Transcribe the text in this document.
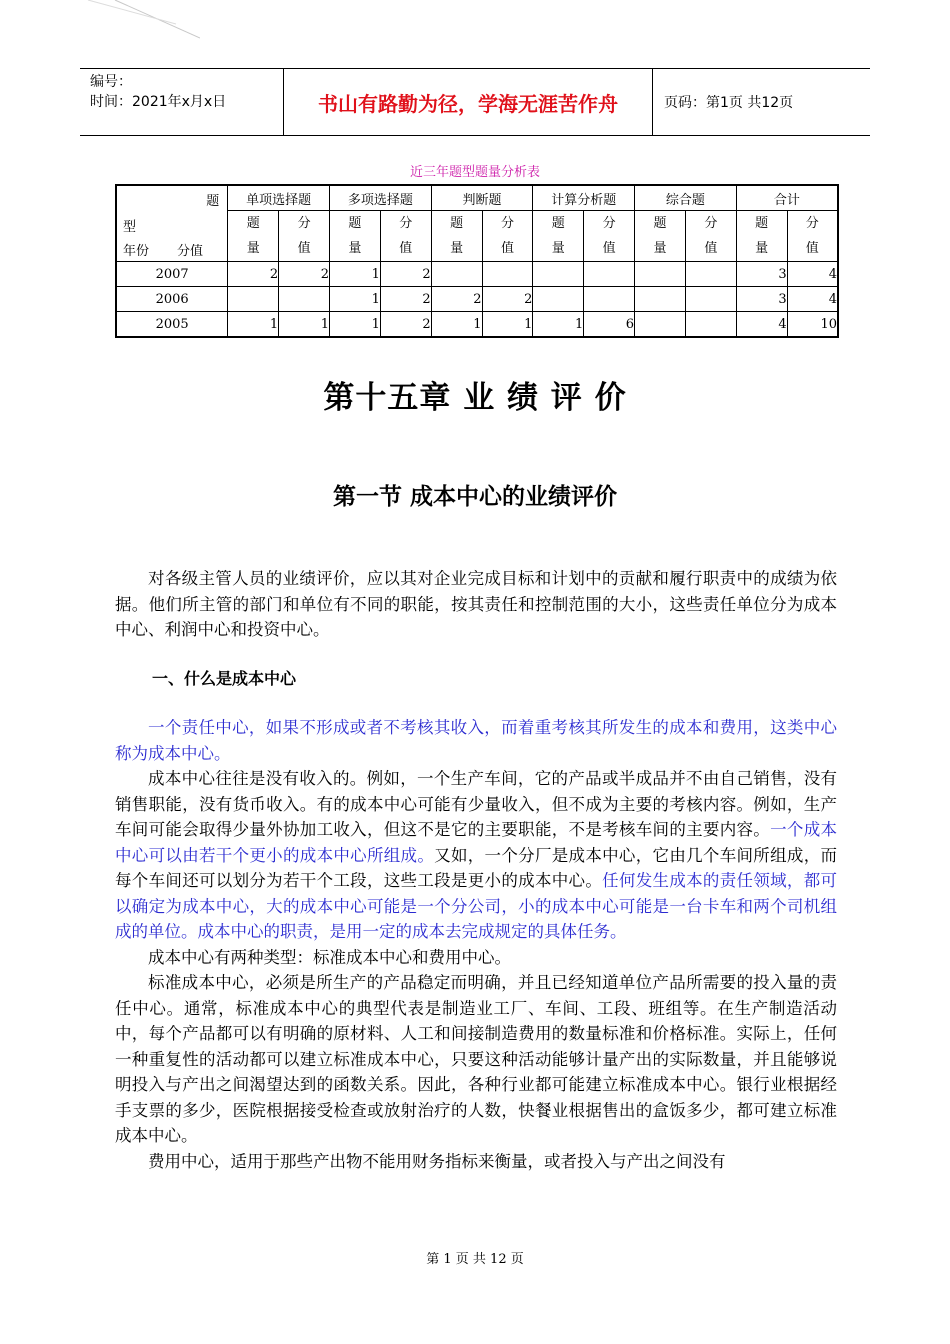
编号：
时间：2021年x月x日	书山有路勤为径，学海无涯苦作舟	页码：第1页 共12页
近三年题型题量分析表
题
型
年份 分值	单项选择题		多项选择题		判断题		计算分析题		综合题		合计	
	题量	分值	题量	分值	题量	分值	题量	分值	题量	分值	题量	分值
2007	2	2	1	2							3	4
2006			1	2	2	2					3	4
2005	1	1	1	2	1	1	1	6			4	10
第十五章 业 绩 评 价
第一节 成本中心的业绩评价

对各级主管人员的业绩评价，应以其对企业完成目标和计划中的贡献和履行职责中的成绩为依据。他们所主管的部门和单位有不同的职能，按其责任和控制范围的大小，这些责任单位分为成本中心、利润中心和投资中心。

一、什么是成本中心

一个责任中心，如果不形成或者不考核其收入，而着重考核其所发生的成本和费用，这类中心称为成本中心。

成本中心往往是没有收入的。例如，一个生产车间，它的产品或半成品并不由自己销售，没有销售职能，没有货币收入。有的成本中心可能有少量收入，但不成为主要的考核内容。例如，生产车间可能会取得少量外协加工收入，但这不是它的主要职能，不是考核车间的主要内容。一个成本中心可以由若干个更小的成本中心所组成。又如，一个分厂是成本中心，它由几个车间所组成，而每个车间还可以划分为若干个工段，这些工段是更小的成本中心。任何发生成本的责任领域，都可以确定为成本中心，大的成本中心可能是一个分公司，小的成本中心可能是一台卡车和两个司机组成的单位。成本中心的职责，是用一定的成本去完成规定的具体任务。

成本中心有两种类型：标准成本中心和费用中心。

标准成本中心，必须是所生产的产品稳定而明确，并且已经知道单位产品所需要的投入量的责任中心。通常，标准成本中心的典型代表是制造业工厂、车间、工段、班组等。在生产制造活动中，每个产品都可以有明确的原材料、人工和间接制造费用的数量标准和价格标准。实际上，任何一种重复性的活动都可以建立标准成本中心，只要这种活动能够计量产出的实际数量，并且能够说明投入与产出之间渴望达到的函数关系。因此，各种行业都可能建立标准成本中心。银行业根据经手支票的多少，医院根据接受检查或放射治疗的人数，快餐业根据售出的盒饭多少，都可建立标准成本中心。

费用中心，适用于那些产出物不能用财务指标来衡量，或者投入与产出之间没有

第 1 页 共 12 页
